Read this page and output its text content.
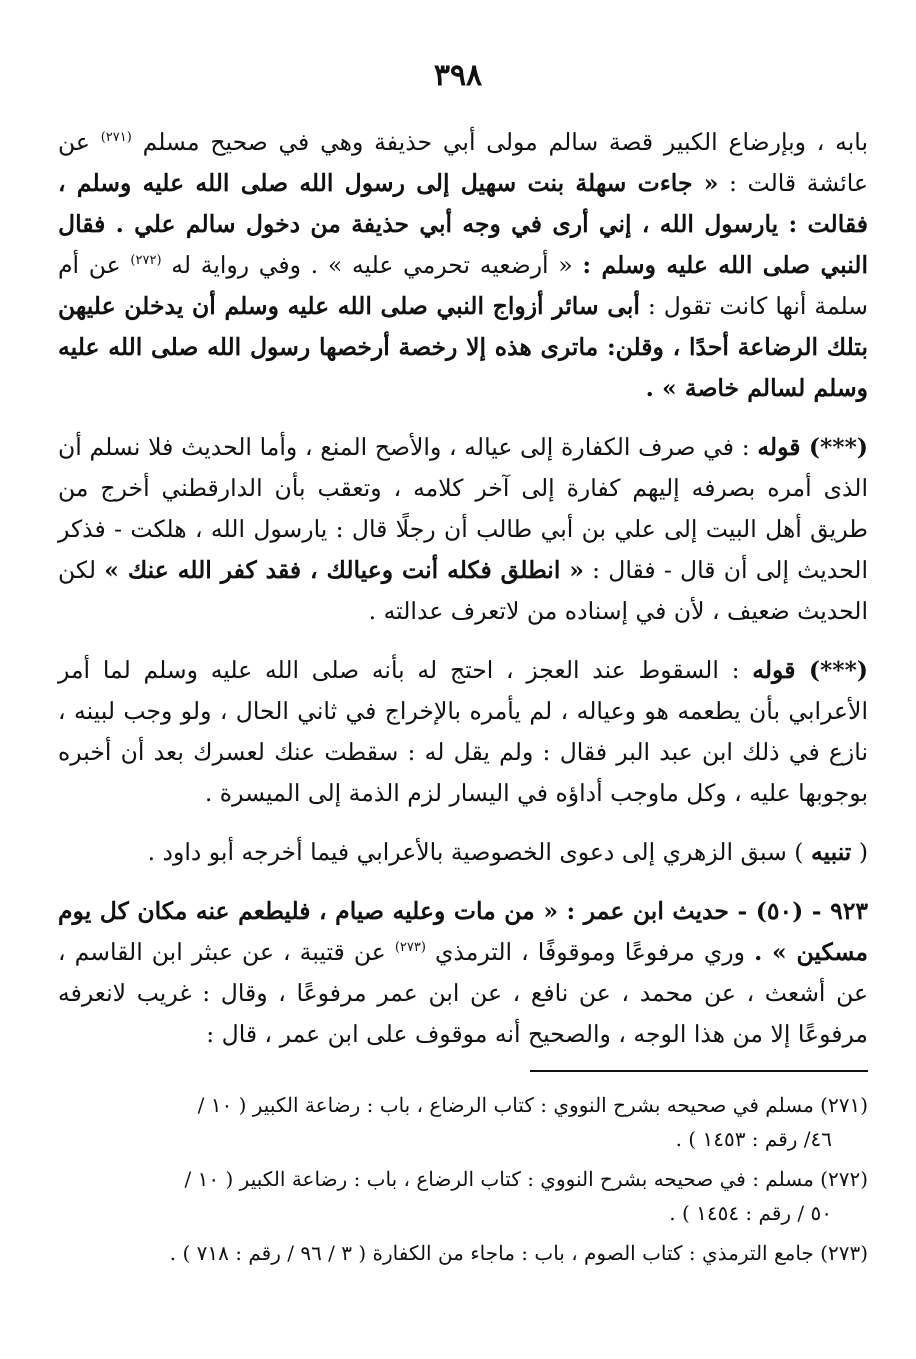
٣٩٨

بابه ، وبإرضاع الكبير قصة سالم مولى أبي حذيفة وهي في صحيح مسلم $^{(٢٧١)}$ عن عائشة قالت : « جاءت سهلة بنت سهيل إلى رسول الله صلى الله عليه وسلم ، فقالت : يارسول الله ، إني أرى في وجه أبي حذيفة من دخول سالم علي . فقال النبي صلى الله عليه وسلم : « أرضعيه تحرمي عليه » . وفي رواية له $^{(٢٧٢)}$ عن أم سلمة أنها كانت تقول : أبى سائر أزواج النبي صلى الله عليه وسلم أن يدخلن عليهن بتلك الرضاعة أحدًا ، وقلن: ماترى هذه إلا رخصة أرخصها رسول الله صلى الله عليه وسلم لسالم خاصة » .

(***) قوله : في صرف الكفارة إلى عياله ، والأصح المنع ، وأما الحديث فلا نسلم أن الذى أمره بصرفه إليهم كفارة إلى آخر كلامه ، وتعقب بأن الدارقطني أخرج من طريق أهل البيت إلى علي بن أبي طالب أن رجلًا قال : يارسول الله ، هلكت - فذكر الحديث إلى أن قال - فقال : « انطلق فكله أنت وعيالك ، فقد كفر الله عنك » لكن الحديث ضعيف ، لأن في إسناده من لاتعرف عدالته .

(***) قوله : السقوط عند العجز ، احتج له بأنه صلى الله عليه وسلم لما أمر الأعرابي بأن يطعمه هو وعياله ، لم يأمره بالإخراج في ثاني الحال ، ولو وجب لبينه ، نازع في ذلك ابن عبد البر فقال : ولم يقل له : سقطت عنك لعسرك بعد أن أخبره بوجوبها عليه ، وكل ماوجب أداؤه في اليسار لزم الذمة إلى الميسرة .

( تنبيه ) سبق الزهري إلى دعوى الخصوصية بالأعرابي فيما أخرجه أبو داود .

٩٢٣ - (٥٠) - حديث ابن عمر : « من مات وعليه صيام ، فليطعم عنه مكان كل يوم مسكين » . وري مرفوعًا وموقوفًا ، الترمذي $^{(٢٧٣)}$ عن قتيبة ، عن عبثر ابن القاسم ، عن أشعث ، عن محمد ، عن نافع ، عن ابن عمر مرفوعًا ، وقال : غريب لانعرفه مرفوعًا إلا من هذا الوجه ، والصحيح أنه موقوف على ابن عمر ، قال :

(٢٧١) مسلم في صحيحه بشرح النووي : كتاب الرضاع ، باب : رضاعة الكبير ( ١٠ /
٤٦/ رقم : ١٤٥٣ ) .
(٢٧٢) مسلم : في صحيحه بشرح النووي : كتاب الرضاع ، باب : رضاعة الكبير ( ١٠ /
٥٠ / رقم : ١٤٥٤ ) .
(٢٧٣) جامع الترمذي : كتاب الصوم ، باب : ماجاء من الكفارة ( ٣ / ٩٦ / رقم : ٧١٨ ) .
